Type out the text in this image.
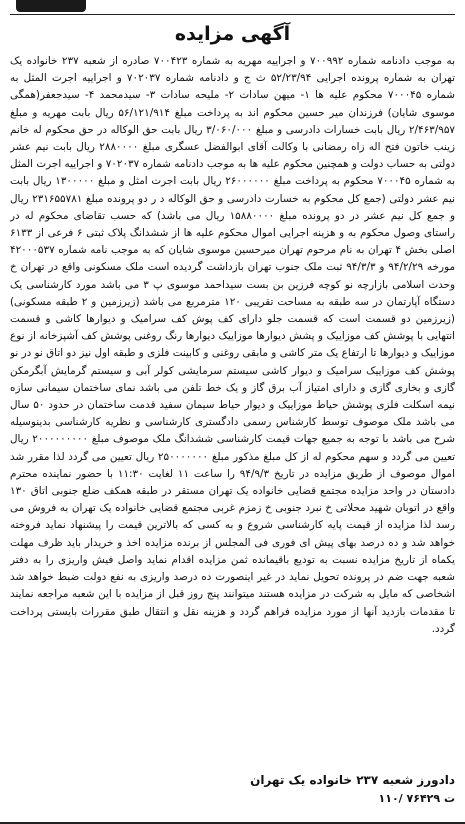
آگهی مزایده

به موجب دادنامه شماره ۷۰۰۹۹۲ و اجراییه مهریه به شماره ۷۰۰۴۲۳ صادره از شعبه ۲۳۷ خانواده یک تهران به شماره پرونده اجرایی ۵۲/۲۳/۹۴ ث ج و دادنامه شماره ۷۰۲۰۳۷ و اجراییه اجرت المثل به شماره ۷۰۰۰۴۵ محکوم علیه ها ۱- میهن سادات ۲- ملیحه سادات ۳- سیدمحمد ۴- سیدجعفر(همگی موسوی شایان) فرزندان میر حسین محکوم اند به پرداخت مبلغ ۵۶/۱۲۱/۹۱۴ ریال بابت مهریه و مبلغ ۲/۴۶۳/۹۵۷ ریال بابت خسارات دادرسی و مبلغ ۳/۰۶۰/۰۰۰ ریال بابت حق الوکاله در حق محکوم له خانم زینب خاتون فتح اله زاه رمضانی با وکالت آقای ابوالفضل عسگری مبلغ ۲۸۸۰۰۰۰ ریال بابت نیم عشر دولتی به حساب دولت و همچنین محکوم علیه ها به موجب دادنامه شماره ۷۰۲۰۳۷ و اجراییه اجرت المثل به شماره ۷۰۰۰۴۵ محکوم به پرداخت مبلغ ۲۶۰۰۰۰۰۰ ریال بابت اجرت امثل و مبلغ ۱۳۰۰۰۰۰ ریال بابت نیم عشر دولتی (جمع کل محکوم به خسارت دادرسی و حق الوکاله د ر دو پرونده مبلغ ۲۳۱۶۵۵۷۸۱ ریال و جمع کل نیم عشر در دو پرونده مبلغ ۱۵۸۸۰۰۰۰ ریال می باشد) که حسب تقاضای محکوم له در راستای وصول محکوم به و هزینه اجرایی اموال محکوم علیه ها از ششدانگ پلاک ثبتی ۶ فرعی از ۶۱۳۳ اصلی بخش ۴ تهران به نام مرحوم تهران میرحسین موسوی شایان که به موجب نامه شماره ۴۲۰۰۰۵۳۷ مورخه ۹۴/۲/۲۹ و ۹۴/۳/۳ ثبت ملک جنوب تهران بازداشت گردیده است ملک مسکونی واقع در تهران خ وحدت اسلامی بازارچه نو کوچه فرزین بن بست سیداحمد موسوی پ ۳ می باشد مورد کارشناسی یک دستگاه آپارتمان در سه طبقه به مساحت تقریبی ۱۲۰ مترمربع می باشد (زیرزمین و ۲ طبقه مسکونی) (زیرزمین دو قسمت است که قسمت جلو دارای کف پوش کف سرامیک و دیوارها کاشی و قسمت انتهایی با پوشش کف موزاییک و پشش دیوارها موزاییک دیوارها رنگ روغنی پوشش کف آشپزخانه از نوع موزاییک و دیوارها تا ارتفاع یک متر کاشی و مابقی روغنی و کابینت فلزی و طبقه اول نیز دو اتاق نو در نو پوشش کف موزاییک سرامیک و دیوار کاشی سیستم سرمایشی کولر آبی و سیستم گرمایش آبگرمکن گازی و بخاری گازی و دارای امتیاز آب برق گاز و یک خط تلفن می باشد نمای ساختمان سیمانی سازه نیمه اسکلت فلزی پوشش حیاط موزاییک و دیوار حیاط سیمان سفید قدمت ساختمان در حدود ۵۰ سال می باشد ملک موصوف توسط کارشناس رسمی دادگستری کارشناسی و نظریه کارشناسی بدینوسیله شرح می باشد با توجه به جمیع جهات قیمت کارشناسی ششدانگ ملک موصوف مبلغ ۲۰۰۰۰۰۰۰۰۰ ریال تعیین می گردد و سهم محکوم له از کل مبلغ مذکور مبلغ ۲۵۰۰۰۰۰۰۰ ریال تعیین می گردد لذا مقرر شد اموال موصوف از طریق مزایده در تاریخ ۹۴/۹/۳ را ساعت ۱۱ لغایت ۱۱:۳۰ با حضور نماینده محترم دادستان در واحد مزایده مجتمع قضایی خانواده یک تهران مستقر در طبقه همکف ضلع جنوبی اتاق ۱۳۰ واقع در اتوبان شهید محلاتی خ نبرد جنوبی خ زمزم غربی مجتمع قضایی خانواده یک تهران به فروش می رسد لذا مزایده از قیمت پایه کارشناسی شروع و به کسی که بالاترین قیمت را پیشنهاد نماید فروخته خواهد شد و ده درصد بهای پیش ای فوری فی المجلس از برنده مزایده اخذ و خریدار باید ظرف مهلت یکماه از تاریخ مزایده نسبت به تودیع باقیمانده ثمن مزایده اقدام نماید واصل فیش واریزی را به دفتر شعبه جهت ضم در پرونده تحویل نماید در غیر اینصورت ده درصد واریزی به نفع دولت ضبط خواهد شد اشخاصی که مایل به شرکت در مزایده هستند میتوانند پنج روز قبل از مزایده با این شعبه مراجعه نمایند تا مقدمات بازدید آنها از مورد مزایده فراهم گردد و هزینه نقل و انتقال طبق مقررات بایستی پرداخت گردد.

دادورز شعبه ۲۳۷ خانواده یک تهران
ت ۷۶۴۲۹ /۱۱۰
